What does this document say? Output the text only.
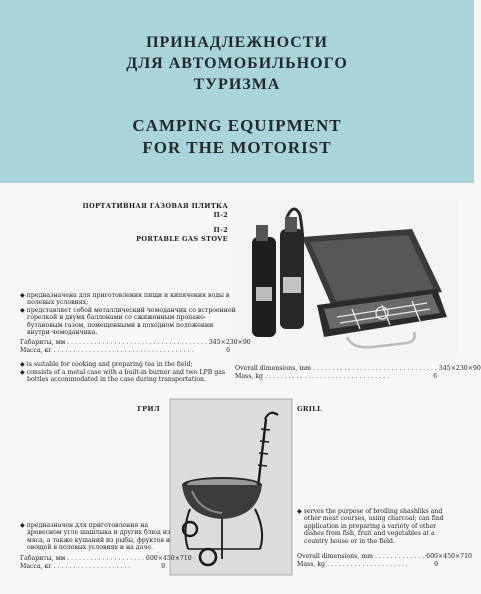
ПРИНАДЛЕЖНОСТИ
ДЛЯ АВТОМОБИЛЬНОГО
ТУРИЗМА
CAMPING EQUIPMENT
FOR THE MOTORIST
ПОРТАТИВНАЯ ГАЗОВАЯ ПЛИТКА
П-2
П-2
PORTABLE GAS STOVE
◆ предназначена для приготовления пищи и кипячения воды в полевых условиях;
◆ представляет собой металлический чемоданчик со встроенной горелкой и двумя баллонами со сжиженным пропано-бутановым газом, помещенными в походном положении внутри чемоданчика.
Габариты, мм . . . . . . . . . . . . . . . . . . . . . . . . . . . . . . . . . . . . 345×230×90
Масса, кг . . . . . . . . . . . . . . . . . . . . . . . . . . . . . . . . . . . .	6
◆ is suitable for cooking and preparing tea in the field;
◆ consists of a metal case with a built-in burner and two LPB gas bottles accommodated in the case during transportation.
Overall dimensions, mm . . . . . . . . . . . . . . . . . . . . . . . . . . . . . . . . 345×230×90
Mass, kg . . . . . . . . . . . . . . . . . . . . . . . . . . . . . . . .	6
ГРИЛ	GRILL
◆ предназначен для приготовления на древесном угле шашлыка и других блюд из мяса, а также кушаний из рыбы, фруктов и овощей в полевых условиях и на даче.
Габариты, мм . . . . . . . . . . . . . . . . . . . . 600×450×710
Масса, кг . . . . . . . . . . . . . . . . . . . .	9
◆ serves the purpose of broiling shashliks and other meat courses, using charcoal; can find application in preparing a variety of other dishes from fish, fruit and vegetables at a country house or in the field.
Overall dimensions, mm . . . . . . . . . . . . . 600×450×710
Mass, kg . . . . . . . . . . . . . . . . . . . . .	9
